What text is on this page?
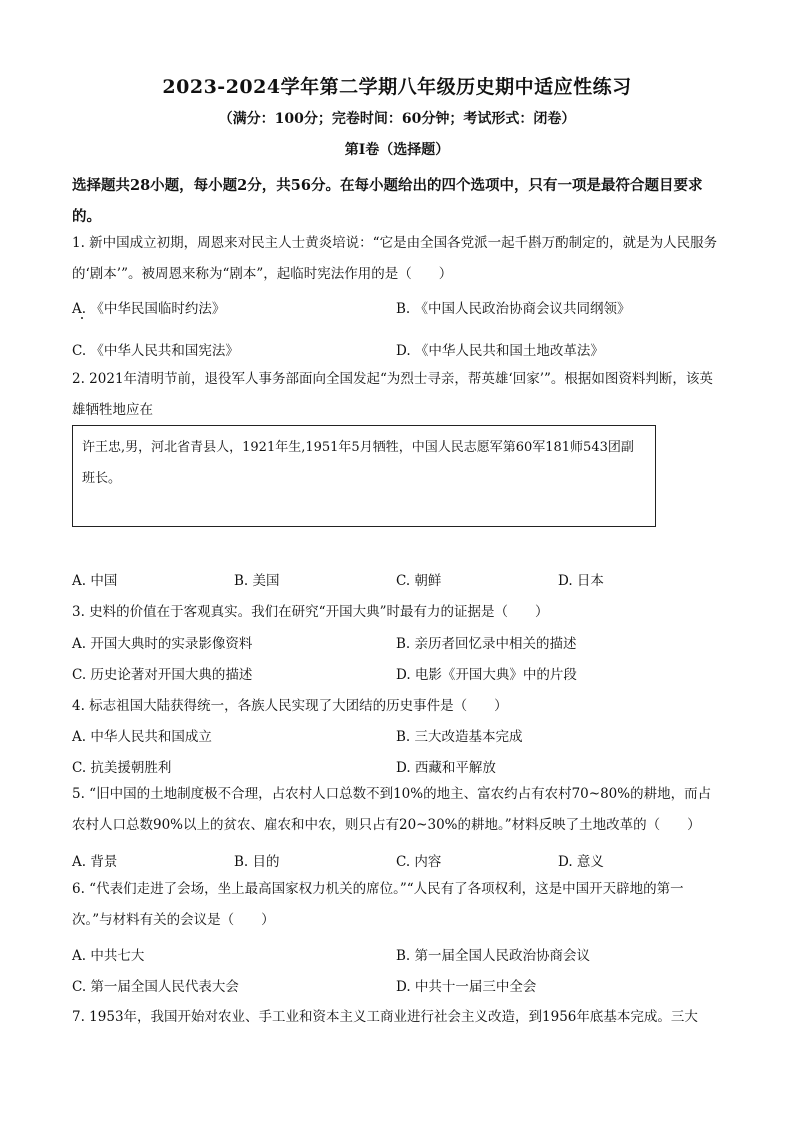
2023-2024学年第二学期八年级历史期中适应性练习
（满分：100分；完卷时间：60分钟；考试形式：闭卷）
第Ⅰ卷（选择题）
选择题共28小题，每小题2分，共56分。在每小题给出的四个选项中，只有一项是最符合题目要求的。
1. 新中国成立初期，周恩来对民主人士黄炎培说：“它是由全国各党派一起千斟万酌制定的，就是为人民服务的‘剧本’”。被周恩来称为“剧本”，起临时宪法作用的是（　　）
A. 《中华民国临时约法》	B. 《中国人民政治协商会议共同纲领》
C. 《中华人民共和国宪法》	D. 《中华人民共和国土地改革法》
2. 2021年清明节前，退役军人事务部面向全国发起“为烈士寻亲，帮英雄‘回家’”。根据如图资料判断，该英雄牺牲地应在
许王忠,男，河北省青县人，1921年生,1951年5月牺牲，中国人民志愿军第60军181师543团副班长。
A. 中国	B. 美国	C. 朝鲜	D. 日本
3. 史料的价值在于客观真实。我们在研究“开国大典”时最有力的证据是（　　）
A. 开国大典时的实录影像资料	B. 亲历者回忆录中相关的描述
C. 历史论著对开国大典的描述	D. 电影《开国大典》中的片段
4. 标志祖国大陆获得统一，各族人民实现了大团结的历史事件是（　　）
A. 中华人民共和国成立	B. 三大改造基本完成
C. 抗美援朝胜利	D. 西藏和平解放
5. “旧中国的土地制度极不合理，占农村人口总数不到10%的地主、富农约占有农村70~80%的耕地，而占农村人口总数90%以上的贫农、雇农和中农，则只占有20~30%的耕地。”材料反映了土地改革的（　　）
A. 背景	B. 目的	C. 内容	D. 意义
6. “代表们走进了会场，坐上最高国家权力机关的席位。”“人民有了各项权利，这是中国开天辟地的第一次。”与材料有关的会议是（　　）
A. 中共七大	B. 第一届全国人民政治协商会议
C. 第一届全国人民代表大会	D. 中共十一届三中全会
7. 1953年，我国开始对农业、手工业和资本主义工商业进行社会主义改造，到1956年底基本完成。三大
